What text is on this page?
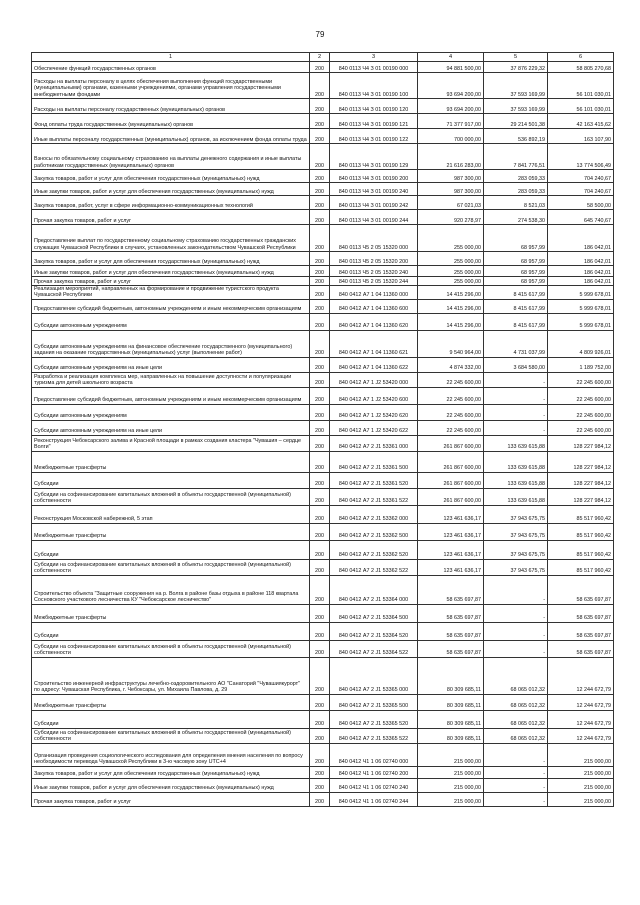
79
1	2	3	4	5	6
Обеспечение функций государственных органов	200	840 0113 Ч4 З 01 00190 000	94 881 500,00	37 876 229,32	58 805 270,68
Расходы на выплаты персоналу в целях обеспечения выполнения функций государственными (муниципальными) органами, казенными учреждениями, органами управления государственными внебюджетными фондами	200	840 0113 Ч4 З 01 00190 100	93 694 200,00	37 593 169,99	56 101 030,01
Расходы на выплаты персоналу государственных (муниципальных) органов	200	840 0113 Ч4 З 01 00190 120	93 694 200,00	37 593 169,99	56 101 030,01
Фонд оплаты труда государственных (муниципальных) органов	200	840 0113 Ч4 З 01 00190 121	71 377 917,00	29 214 501,38	42 163 415,62
Иные выплаты персоналу государственных (муниципальных) органов, за исключением фонда оплаты труда	200	840 0113 Ч4 З 01 00190 122	700 000,00	536 892,19	163 107,90
Взносы по обязательному социальному страхованию на выплаты денежного содержания и иные выплаты работникам государственных (муниципальных) органов	200	840 0113 Ч4 З 01 00190 129	21 616 283,00	7 841 776,51	13 774 506,49
Закупка товаров, работ и услуг для обеспечения государственных (муниципальных) нужд	200	840 0113 Ч4 З 01 00190 200	987 300,00	283 059,33	704 240,67
Иные закупки товаров, работ и услуг для обеспечения государственных (муниципальных) нужд	200	840 0113 Ч4 З 01 00190 240	987 300,00	283 059,33	704 240,67
Закупка товаров, работ, услуг в сфере информационно-коммуникационных технологий	200	840 0113 Ч4 З 01 00190 242	67 021,03	8 521,03	58 500,00
Прочая закупка товаров, работ и услуг	200	840 0113 Ч4 З 01 00190 244	920 278,97	274 538,30	645 740,67
Предоставление выплат по государственному социальному страхованию государственных гражданских служащих Чувашской Республики в случаях, установленных законодательством Чувашской Республики	200	840 0113 Ч5 2 05 15320 000	255 000,00	68 957,99	186 042,01
Закупка товаров, работ и услуг для обеспечения государственных (муниципальных) нужд	200	840 0113 Ч5 2 05 15320 200	255 000,00	68 957,99	186 042,01
Иные закупки товаров, работ и услуг для обеспечения государственных (муниципальных) нужд	200	840 0113 Ч5 2 05 15320 240	255 000,00	68 957,99	186 042,01
Прочая закупка товаров, работ и услуг	200	840 0113 Ч5 2 05 15320 244	255 000,00	68 957,99	186 042,01
Реализация мероприятий, направленных на формирование и продвижение туристского продукта Чувашской Республики	200	840 0412 А7 1 04 11360 000	14 415 296,00	8 415 617,99	5 999 678,01
Предоставление субсидий бюджетным, автономным учреждениям и иным некоммерческим организациям	200	840 0412 А7 1 04 11360 600	14 415 296,00	8 415 617,99	5 999 678,01
Субсидии автономным учреждениям	200	840 0412 А7 1 04 11360 620	14 415 296,00	8 415 617,99	5 999 678,01
Субсидии автономным учреждениям на финансовое обеспечение государственного (муниципального) задания на оказание государственных (муниципальных) услуг (выполнение работ)	200	840 0412 А7 1 04 11360 621	9 540 964,00	4 731 037,99	4 809 926,01
Субсидии автономным учреждениям на иные цели	200	840 0412 А7 1 04 11360 622	4 874 332,00	3 684 580,00	1 189 752,00
Разработка и реализация комплекса мер, направленных на повышение доступности и популяризации туризма для детей школьного возраста	200	840 0412 А7 1 J2 53420 000	22 245 600,00	-	22 245 600,00
Предоставление субсидий бюджетным, автономным учреждениям и иным некоммерческим организациям	200	840 0412 А7 1 J2 53420 600	22 245 600,00	-	22 245 600,00
Субсидии автономным учреждениям	200	840 0412 А7 1 J2 53420 620	22 245 600,00	-	22 245 600,00
Субсидии автономным учреждениям на иные цели	200	840 0412 А7 1 J2 53420 622	22 245 600,00	-	22 245 600,00
Реконструкция Чебоксарского залива и Красной площади в рамках создания кластера "Чувашия – сердце Волги"	200	840 0412 А7 2 J1 53361 000	261 867 600,00	133 639 615,88	128 227 984,12
Межбюджетные трансферты	200	840 0412 А7 2 J1 53361 500	261 867 600,00	133 639 615,88	128 227 984,12
Субсидии	200	840 0412 А7 2 J1 53361 520	261 867 600,00	133 639 615,88	128 227 984,12
Субсидии на софинансирование капитальных вложений в объекты государственной (муниципальной) собственности	200	840 0412 А7 2 J1 53361 522	261 867 600,00	133 639 615,88	128 227 984,12
Реконструкция Московской набережной, 5 этап	200	840 0412 А7 2 J1 53362 000	123 461 636,17	37 943 675,75	85 517 960,42
Межбюджетные трансферты	200	840 0412 А7 2 J1 53362 500	123 461 636,17	37 943 675,75	85 517 960,42
Субсидии	200	840 0412 А7 2 J1 53362 520	123 461 636,17	37 943 675,75	85 517 960,42
Субсидии на софинансирование капитальных вложений в объекты государственной (муниципальной) собственности	200	840 0412 А7 2 J1 53362 522	123 461 636,17	37 943 675,75	85 517 960,42
Строительство объекта "Защитные сооружения на р. Волга в районе базы отдыха в районе 118 квартала Сосновского участкового лесничества КУ "Чебоксарское лесничество"	200	840 0412 А7 2 J1 53364 000	58 635 697,87	-	58 635 697,87
Межбюджетные трансферты	200	840 0412 А7 2 J1 53364 500	58 635 697,87	-	58 635 697,87
Субсидии	200	840 0412 А7 2 J1 53364 520	58 635 697,87	-	58 635 697,87
Субсидии на софинансирование капитальных вложений в объекты государственной (муниципальной) собственности	200	840 0412 А7 2 J1 53364 522	58 635 697,87	-	58 635 697,87
Строительство инженерной инфраструктуры лечебно-оздоровительного АО "Санаторий "Чувашиякурорт" по адресу: Чувашская Республика, г. Чебоксары, ул. Михаила Павлова, д. 29	200	840 0412 А7 2 J1 53365 000	80 309 685,11	68 065 012,32	12 244 672,79
Межбюджетные трансферты	200	840 0412 А7 2 J1 53365 500	80 309 685,11	68 065 012,32	12 244 672,79
Субсидии	200	840 0412 А7 2 J1 53365 520	80 309 685,11	68 065 012,32	12 244 672,79
Субсидии на софинансирование капитальных вложений в объекты государственной (муниципальной) собственности	200	840 0412 А7 2 J1 53365 522	80 309 685,11	68 065 012,32	12 244 672,79
Организация проведения социологического исследования для определения мнения населения по вопросу необходимости перевода Чувашской Республики в 3-ю часовую зону UTC+4	200	840 0412 Ч1 1 06 02740 000	215 000,00	-	215 000,00
Закупка товаров, работ и услуг для обеспечения государственных (муниципальных) нужд	200	840 0412 Ч1 1 06 02740 200	215 000,00	-	215 000,00
Иные закупки товаров, работ и услуг для обеспечения государственных (муниципальных) нужд	200	840 0412 Ч1 1 06 02740 240	215 000,00	-	215 000,00
Прочая закупка товаров, работ и услуг	200	840 0412 Ч1 1 06 02740 244	215 000,00	-	215 000,00
